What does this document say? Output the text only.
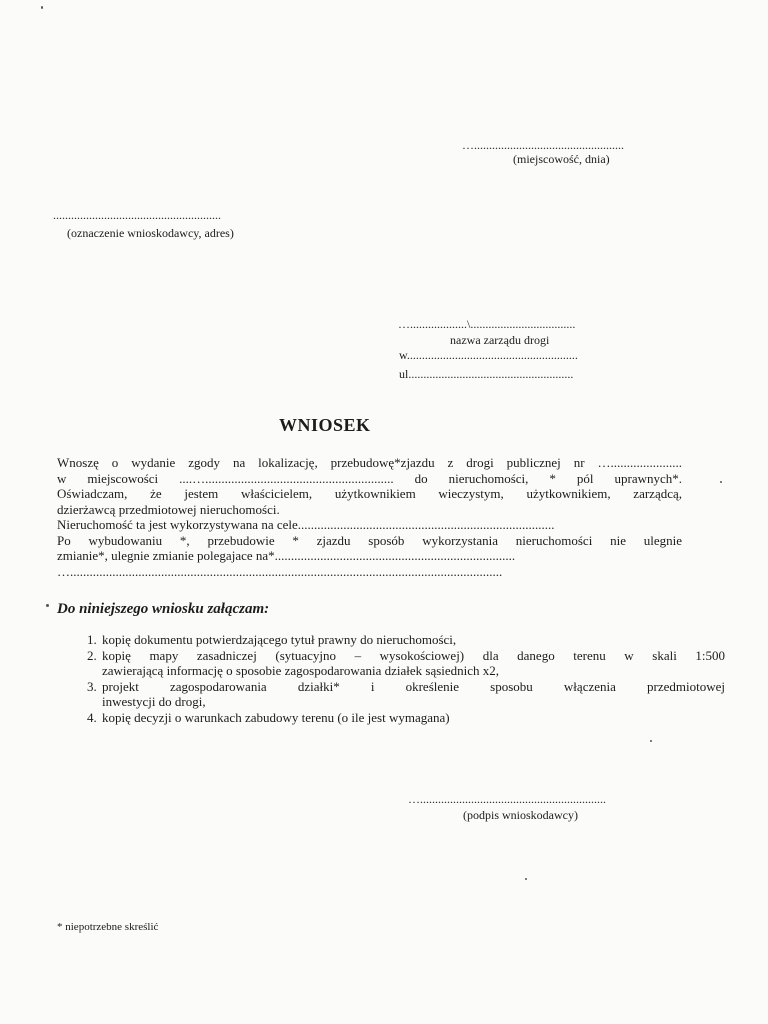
…..................................................
(miejscowość, dnia)
........................................................
(oznaczenie wnioskodawcy, adres)
…...................\...................................
nazwa zarządu drogi
w.........................................................
ul.......................................................
WNIOSEK
Wnoszę o wydanie zgody na lokalizację, przebudowę*zjazdu z drogi publicznej nr …......................
w miejscowości ....….......................................................... do nieruchomości, * pól uprawnych*.
Oświadczam, że jestem właścicielem, użytkownikiem wieczystym, użytkownikiem, zarządcą,
dzierżawcą przedmiotowej nieruchomości.
Nieruchomość ta jest wykorzystywana na cele...............................................................................
Po wybudowaniu *, przebudowie * zjazdu sposób wykorzystania nieruchomości nie ulegnie
zmianie*, ulegnie zmianie polegajace na*..........................................................................
….....................................................................................................................................
Do niniejszego wniosku załączam:
1. kopię dokumentu potwierdzającego tytuł prawny do nieruchomości,
2. kopię mapy zasadniczej (sytuacyjno – wysokościowej) dla danego terenu w skali 1:500
zawierającą informację o sposobie zagospodarowania działek sąsiednich x2,
3. projekt zagospodarowania działki* i określenie sposobu włączenia przedmiotowej
inwestycji do drogi,
4. kopię decyzji o warunkach zabudowy terenu (o ile jest wymagana)
…..............................................................
(podpis wnioskodawcy)
* niepotrzebne skreślić
